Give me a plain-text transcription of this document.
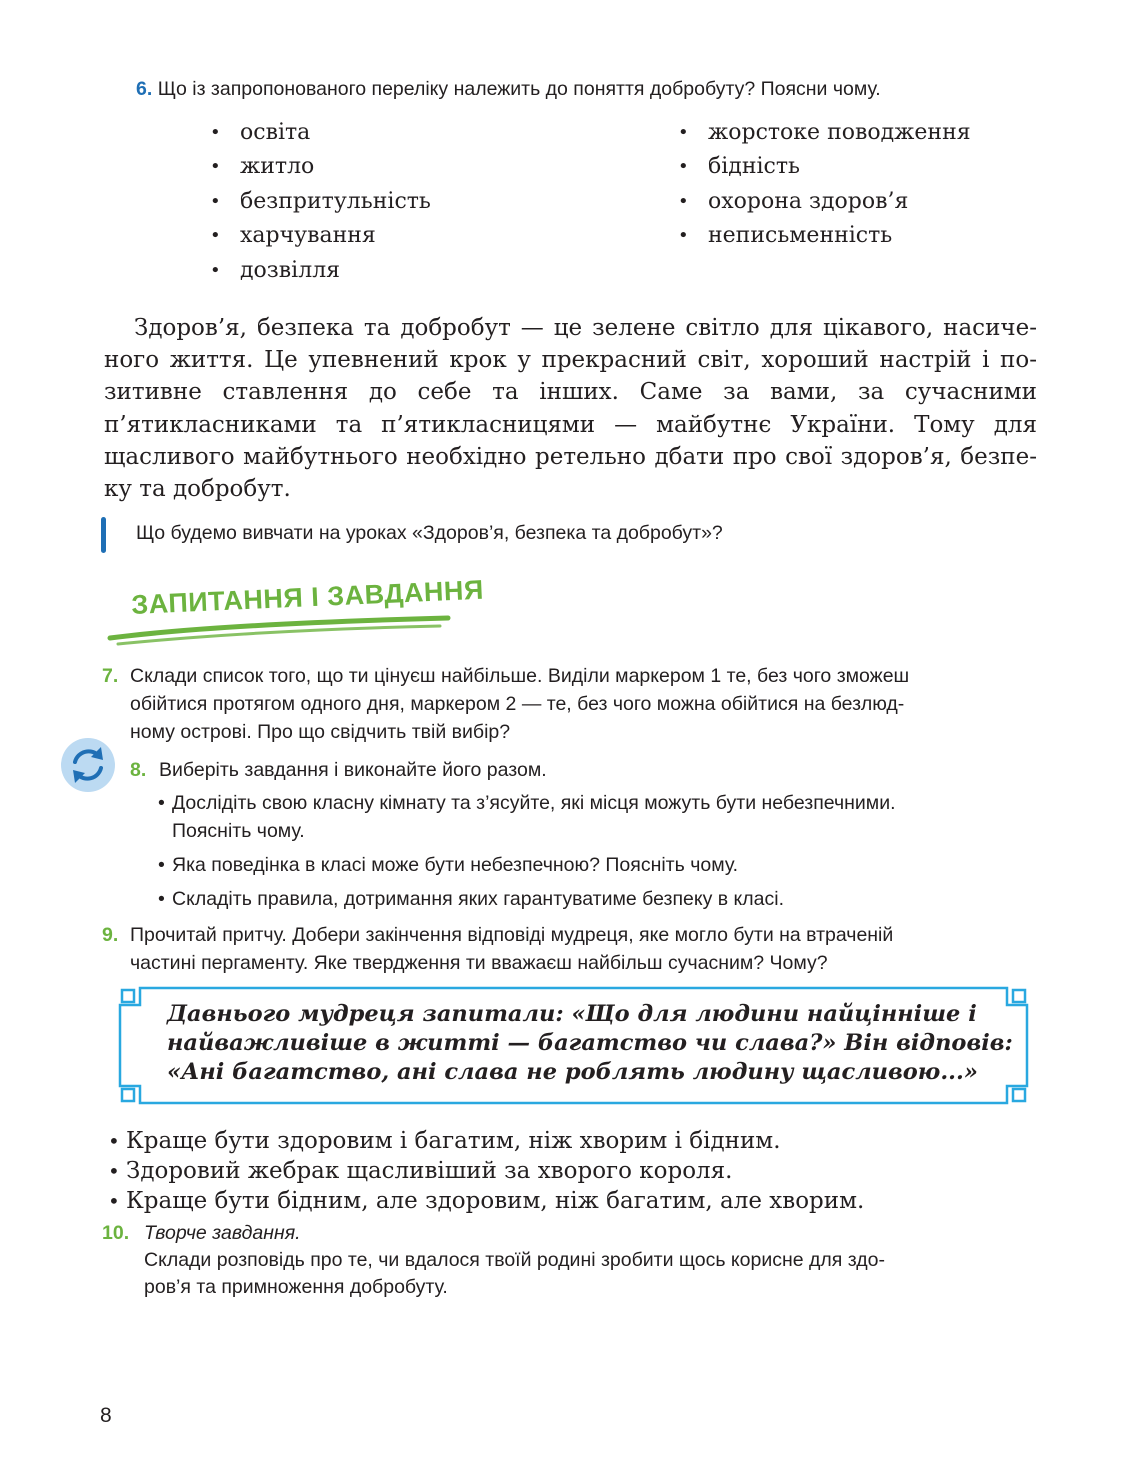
6. Що із запропонованого переліку належить до поняття добробуту? Поясни чому.
• освіта
• житло
• безпритульність
• харчування
• дозвілля
• жорстоке поводження
• бідність
• охорона здоров’я
• неписьменність
Здоров’я, безпека та добробут — це зелене світло для цікавого, насиче-
ного життя. Це упевнений крок у прекрасний світ, хороший настрій і по-
зитивне ставлення до себе та інших. Саме за вами, за сучасними
п’ятикласниками та п’ятикласницями — майбутнє України. Тому для
щасливого майбутнього необхідно ретельно дбати про свої здоров’я, безпе-
ку та добробут.
Що будемо вивчати на уроках «Здоров’я, безпека та добробут»?
ЗАПИТАННЯ І ЗАВДАННЯ
7. Склади список того, що ти цінуєш найбільше. Виділи маркером 1 те, без чого зможеш
обійтися протягом одного дня, маркером 2 — те, без чого можна обійтися на безлюд-
ному острові. Про що свідчить твій вибір?
8. Виберіть завдання і виконайте його разом.
• Дослідіть свою класну кімнату та з’ясуйте, які місця можуть бути небезпечними.
Поясніть чому.
• Яка поведінка в класі може бути небезпечною? Поясніть чому.
• Складіть правила, дотримання яких гарантуватиме безпеку в класі.
9. Прочитай притчу. Добери закінчення відповіді мудреця, яке могло бути на втраченій
частині пергаменту. Яке твердження ти вважаєш найбільш сучасним? Чому?
Давнього мудреця запитали: «Що для людини найцінніше і
найважливіше в житті — багатство чи слава?» Він відповів:
«Ані багатство, ані слава не роблять людину щасливою...»
• Краще бути здоровим і багатим, ніж хворим і бідним.
• Здоровий жебрак щасливіший за хворого короля.
• Краще бути бідним, але здоровим, ніж багатим, але хворим.
10. Творче завдання.
Склади розповідь про те, чи вдалося твоїй родині зробити щось корисне для здо-
ров’я та примноження добробуту.
8
